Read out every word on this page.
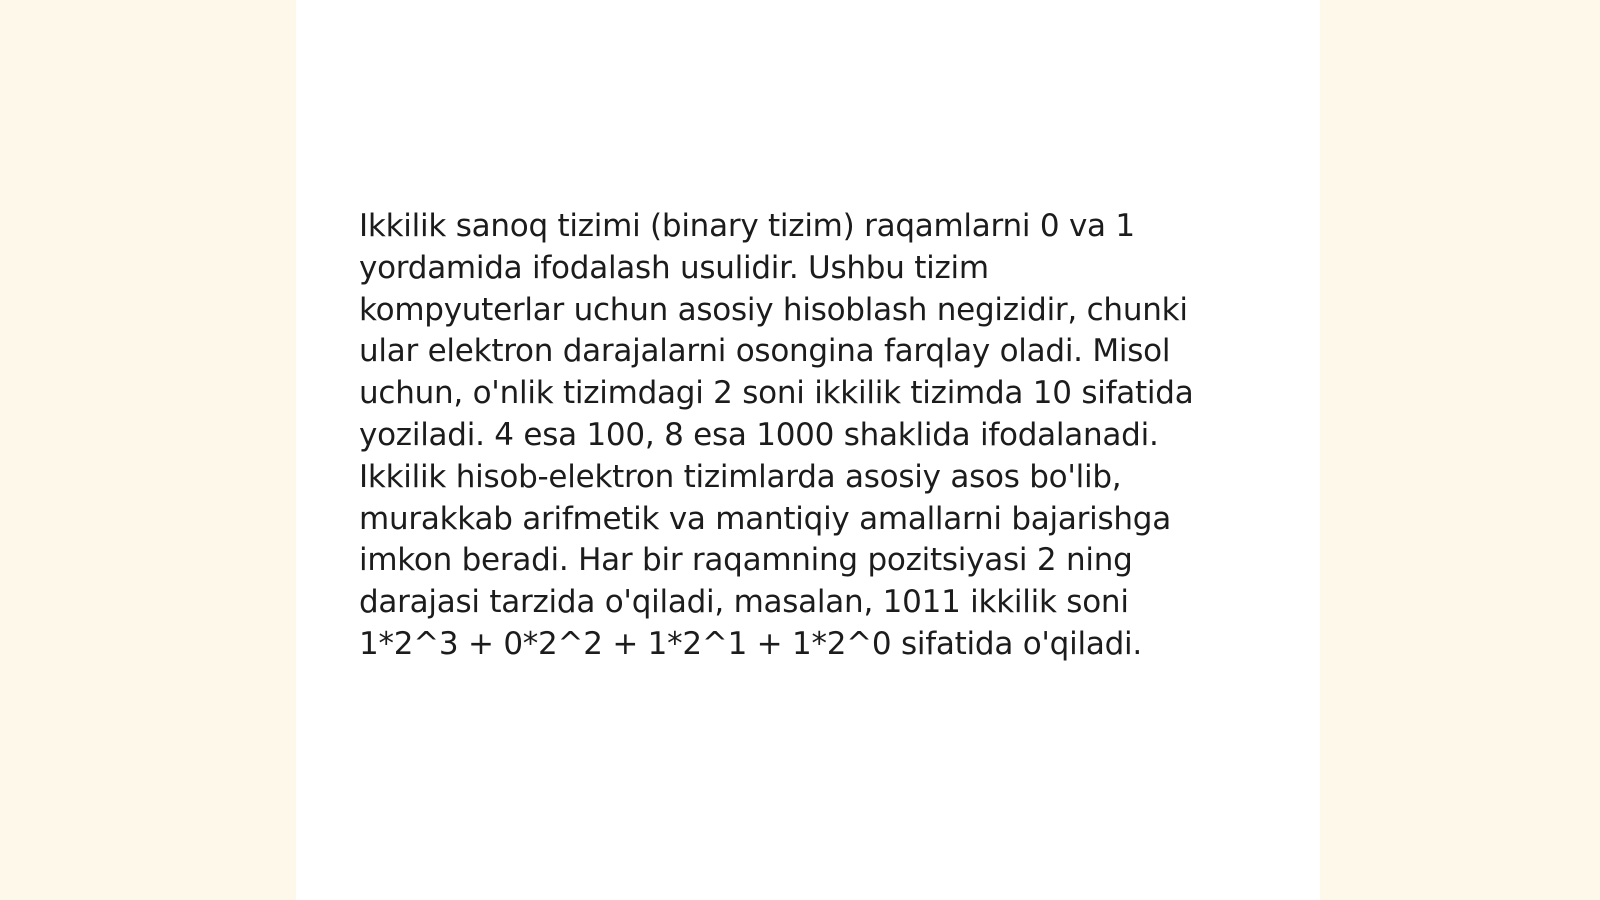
Ikkilik sanoq tizimi (binary tizim) raqamlarni 0 va 1
yordamida ifodalash usulidir. Ushbu tizim
kompyuterlar uchun asosiy hisoblash negizidir, chunki
ular elektron darajalarni osongina farqlay oladi. Misol
uchun, o'nlik tizimdagi 2 soni ikkilik tizimda 10 sifatida
yoziladi. 4 esa 100, 8 esa 1000 shaklida ifodalanadi.
Ikkilik hisob-elektron tizimlarda asosiy asos bo'lib,
murakkab arifmetik va mantiqiy amallarni bajarishga
imkon beradi. Har bir raqamning pozitsiyasi 2 ning
darajasi tarzida o'qiladi, masalan, 1011 ikkilik soni
1*2^3 + 0*2^2 + 1*2^1 + 1*2^0 sifatida o'qiladi.
